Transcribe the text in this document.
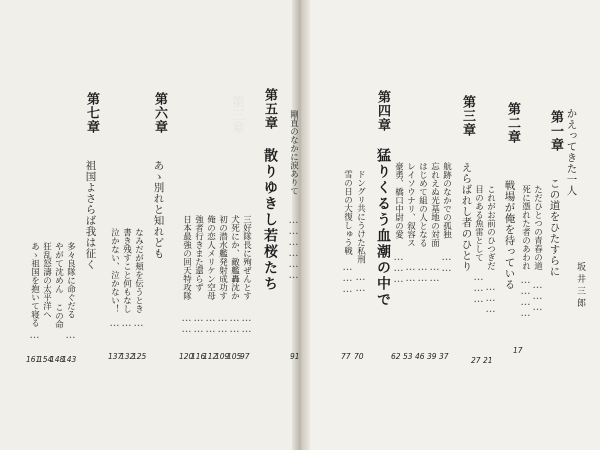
坂井三郎
かえってきた一人
第一章
この道をひたすらに
ただひとつの青春の道
死に憑れた者のあわれ
………
…………
17
第二章
戦場が俺を待っている
これがお前のひつぎだ
目のある魚雷として
………
………
21
27
第三章
えらばれし者のひとり
航跡のなかでの孤独
忘れえぬ光基地の対面
はじめて組の人となる
レイソウナリ、叙容ス
豪勇、橋口中尉の愛
……
……
……
……
………
37
39
46
53
62
第四章
猛りくるう血潮の中で
ドングリ共にうけた私刑
雪の日の大復しゅう戦
……
………
70
77
第三章	剛直のなかに涙ありて
………………
91
第五章
散りゆきし若桜たち
三好隊長に殉ぜんとす
犬死にか、敵艦轟沈か
初の潜水艦発射成功す
俺の恋人メリケン空母
強者行きまた還らず
日本最強の回天特攻隊
……
……
……
……
……
……
97
105
109
112
116
120
第六章
あゝ別れと知れども
なみだが頬を伝うとき
書き残すこと何もなし
泣かない、泣かない！
…
…
…
125
132
137
第七章
祖国よさらば我は征く
多々良隊に命ぐだる
やがて沈めん この命
狂乱怒濤の太平洋へ
あゝ祖国を抱いて寝る
…
…
143
148
154
161
